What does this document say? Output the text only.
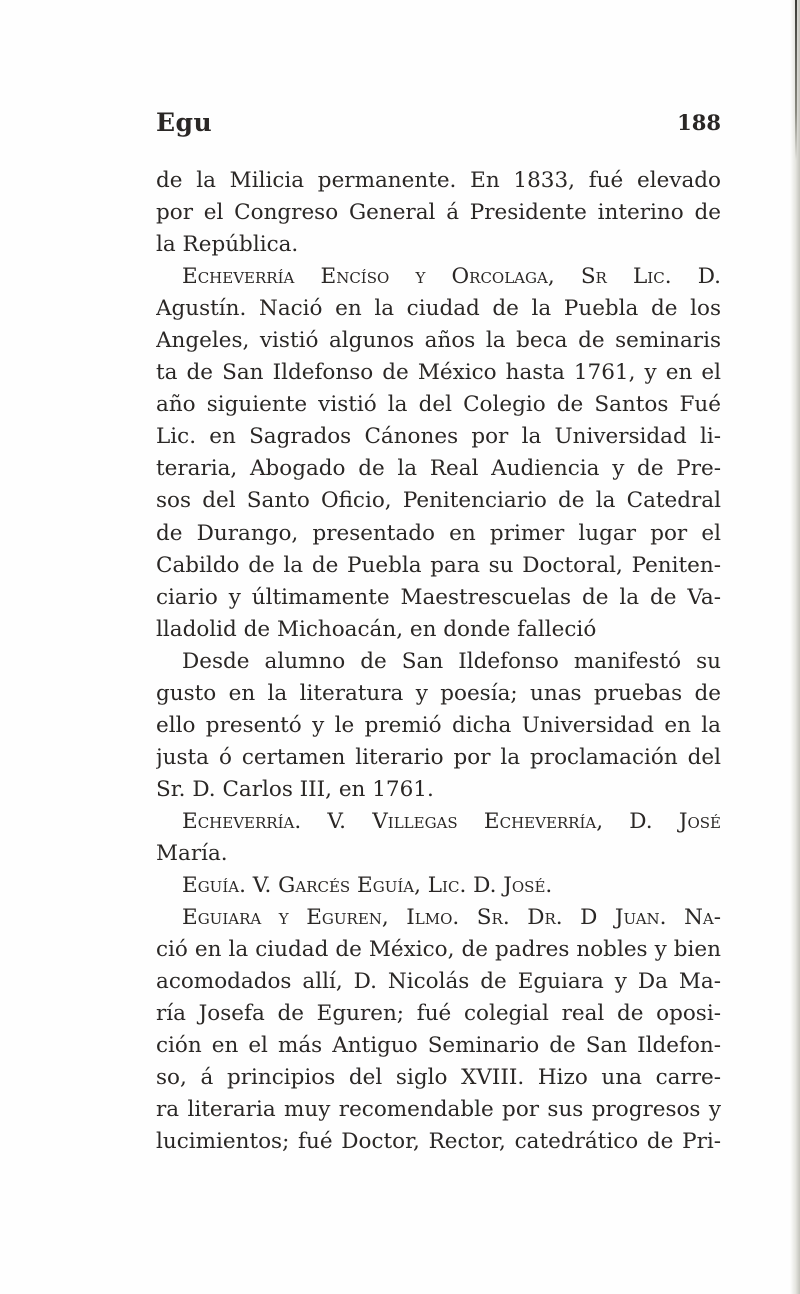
Egu	188
de la Milicia permanente. En 1833, fué elevado
por el Congreso General á Presidente interino de
la República.
Echeverría Encíso y Orcolaga, Sr Lic. D.
Agustín. Nació en la ciudad de la Puebla de los
Angeles, vistió algunos años la beca de seminaris
ta de San Ildefonso de México hasta 1761, y en el
año siguiente vistió la del Colegio de Santos Fué
Lic. en Sagrados Cánones por la Universidad li-
teraria, Abogado de la Real Audiencia y de Pre-
sos del Santo Oficio, Penitenciario de la Catedral
de Durango, presentado en primer lugar por el
Cabildo de la de Puebla para su Doctoral, Peniten-
ciario y últimamente Maestrescuelas de la de Va-
lladolid de Michoacán, en donde falleció
Desde alumno de San Ildefonso manifestó su
gusto en la literatura y poesía; unas pruebas de
ello presentó y le premió dicha Universidad en la
justa ó certamen literario por la proclamación del
Sr. D. Carlos III, en 1761.
Echeverría. V. Villegas Echeverría, D. José
María.
Eguía. V. Garcés Eguía, Lic. D. José.
Eguiara y Eguren, Ilmo. Sr. Dr. D Juan. Na-
ció en la ciudad de México, de padres nobles y bien
acomodados allí, D. Nicolás de Eguiara y Da Ma-
ría Josefa de Eguren; fué colegial real de oposi-
ción en el más Antiguo Seminario de San Ildefon-
so, á principios del siglo XVIII. Hizo una carre-
ra literaria muy recomendable por sus progresos y
lucimientos; fué Doctor, Rector, catedrático de Pri-
